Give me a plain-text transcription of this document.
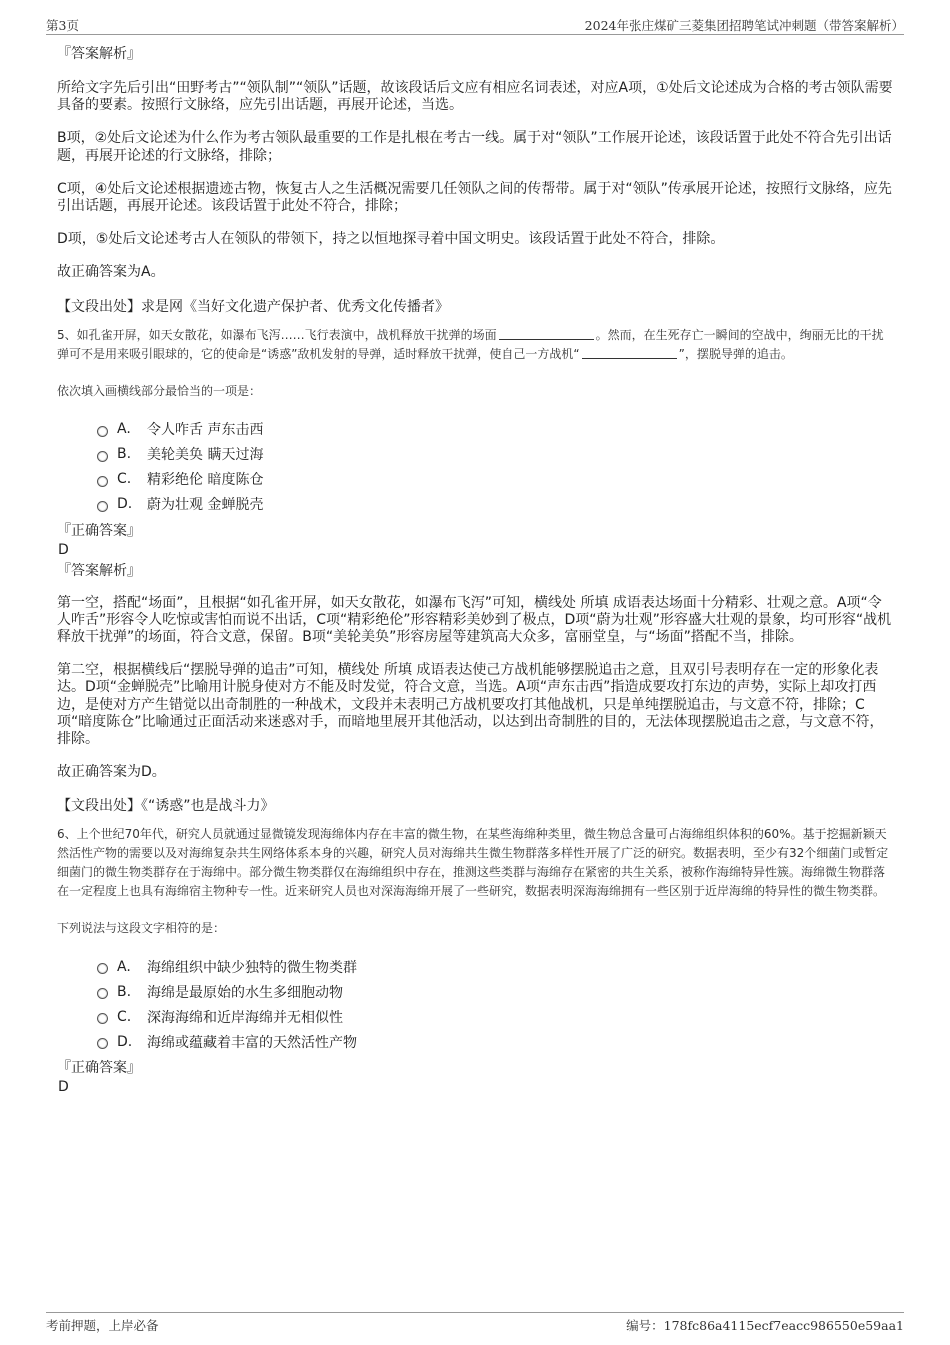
第3页	2024年张庄煤矿三菱集团招聘笔试冲刺题（带答案解析）

『答案解析』

所给文字先后引出“田野考古”“领队制”“领队”话题，故该段话后文应有相应名词表述，对应A项，①处后文论述成为合格的考古领队需要具备的要素。按照行文脉络，应先引出话题，再展开论述，当选。

B项，②处后文论述为什么作为考古领队最重要的工作是扎根在考古一线。属于对“领队”工作展开论述，该段话置于此处不符合先引出话题，再展开论述的行文脉络，排除；

C项，④处后文论述根据遗迹古物，恢复古人之生活概况需要几任领队之间的传帮带。属于对“领队”传承展开论述，按照行文脉络，应先引出话题，再展开论述。该段话置于此处不符合，排除；

D项，⑤处后文论述考古人在领队的带领下，持之以恒地探寻着中国文明史。该段话置于此处不符合，排除。

故正确答案为A。

【文段出处】求是网《当好文化遗产保护者、优秀文化传播者》

5、如孔雀开屏，如天女散花，如瀑布飞泻……飞行表演中，战机释放干扰弹的场面	。然而，在生死存亡一瞬间的空战中，绚丽无比的干扰弹可不是用来吸引眼球的，它的使命是“诱惑”敌机发射的导弹，适时释放干扰弹，使自己一方战机“	”，摆脱导弹的追击。

依次填入画横线部分最恰当的一项是：

A.	令人咋舌 声东击西
B.	美轮美奂 瞒天过海
C.	精彩绝伦 暗度陈仓
D.	蔚为壮观 金蝉脱壳

『正确答案』

D

『答案解析』

第一空，搭配“场面”，且根据“如孔雀开屏，如天女散花，如瀑布飞泻”可知，横线处 所填 成语表达场面十分精彩、壮观之意。A项“令人咋舌”形容令人吃惊或害怕而说不出话，C项“精彩绝伦”形容精彩美妙到了极点，D项“蔚为壮观”形容盛大壮观的景象，均可形容“战机释放干扰弹”的场面，符合文意，保留。B项“美轮美奂”形容房屋等建筑高大众多，富丽堂皇，与“场面”搭配不当，排除。

第二空，根据横线后“摆脱导弹的追击”可知，横线处 所填 成语表达使己方战机能够摆脱追击之意，且双引号表明存在一定的形象化表达。D项“金蝉脱壳”比喻用计脱身使对方不能及时发觉，符合文意，当选。A项“声东击西”指造成要攻打东边的声势，实际上却攻打西边，是使对方产生错觉以出奇制胜的一种战术，文段并未表明己方战机要攻打其他战机，只是单纯摆脱追击，与文意不符，排除；C项“暗度陈仓”比喻通过正面活动来迷惑对手，而暗地里展开其他活动，以达到出奇制胜的目的，无法体现摆脱追击之意，与文意不符，排除。

故正确答案为D。

【文段出处】《“诱惑”也是战斗力》

6、上个世纪70年代，研究人员就通过显微镜发现海绵体内存在丰富的微生物，在某些海绵种类里，微生物总含量可占海绵组织体积的60%。基于挖掘新颖天然活性产物的需要以及对海绵复杂共生网络体系本身的兴趣，研究人员对海绵共生微生物群落多样性开展了广泛的研究。数据表明，至少有32个细菌门或暂定细菌门的微生物类群存在于海绵中。部分微生物类群仅在海绵组织中存在，推测这些类群与海绵存在紧密的共生关系，被称作海绵特异性簇。海绵微生物群落在一定程度上也具有海绵宿主物种专一性。近来研究人员也对深海海绵开展了一些研究，数据表明深海海绵拥有一些区别于近岸海绵的特异性的微生物类群。

下列说法与这段文字相符的是：

A.	海绵组织中缺少独特的微生物类群
B.	海绵是最原始的水生多细胞动物
C.	深海海绵和近岸海绵并无相似性
D.	海绵或蕴藏着丰富的天然活性产物

『正确答案』

D

考前押题，上岸必备	编号：178fc86a4115ecf7eacc986550e59aa1
